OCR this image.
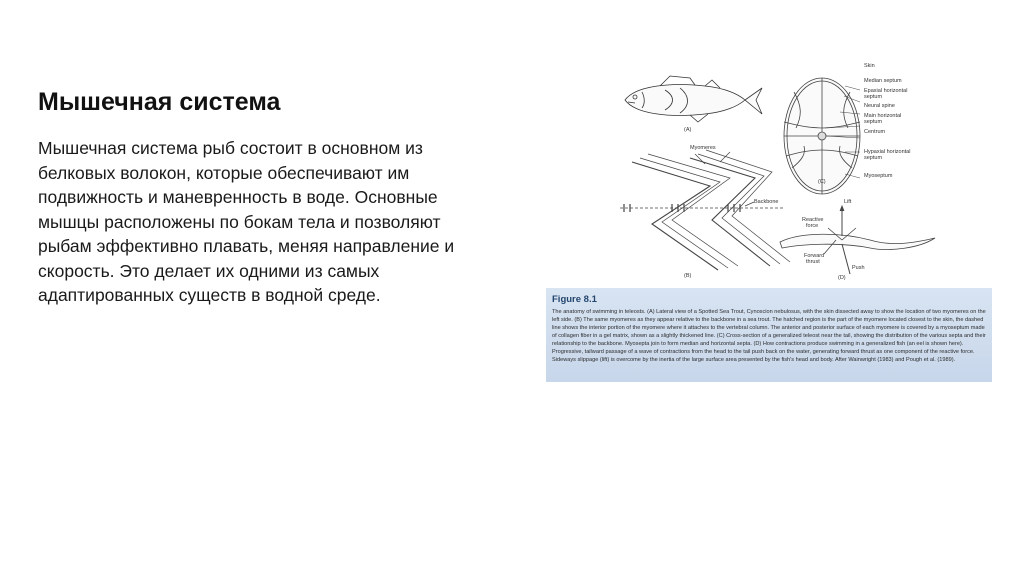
Мышечная система

Мышечная система рыб состоит в основном из белковых волокон, которые обеспечивают им подвижность и маневренность в воде. Основные мышцы расположены по бокам тела и позволяют рыбам эффективно плавать, меняя направление и скорость. Это делает их одними из самых адаптированных существ в водной среде.

(A)
(B)
(C)
(D)
Myomeres
Backbone
Skin
Median septum
Epaxial horizontal
septum
Neural spine
Main horizontal
septum
Centrum
Hypaxial horizontal
septum
Myoseptum
Lift
Reactive
force
Forward
thrust
Push

Figure 8.1

The anatomy of swimming in teleosts. (A) Lateral view of a Spotted Sea Trout, Cynoscion nebulosus, with the skin dissected away to show the location of two myomeres on the left side. (B) The same myomeres as they appear relative to the backbone in a sea trout. The hatched region is the part of the myomere located closest to the skin, the dashed line shows the interior portion of the myomere where it attaches to the vertebral column. The anterior and posterior surface of each myomere is covered by a myoseptum made of collagen fiber in a gel matrix, shown as a slightly thickened line. (C) Cross-section of a generalized teleost near the tail, showing the distribution of the various septa and their relationship to the backbone. Myosepta join to form median and horizontal septa. (D) How contractions produce swimming in a generalized fish (an eel is shown here). Progressive, tailward passage of a wave of contractions from the head to the tail push back on the water, generating forward thrust as one component of the reactive force. Sideways slippage (lift) is overcome by the inertia of the large surface area presented by the fish's head and body. After Wainwright (1983) and Pough et al. (1989).
